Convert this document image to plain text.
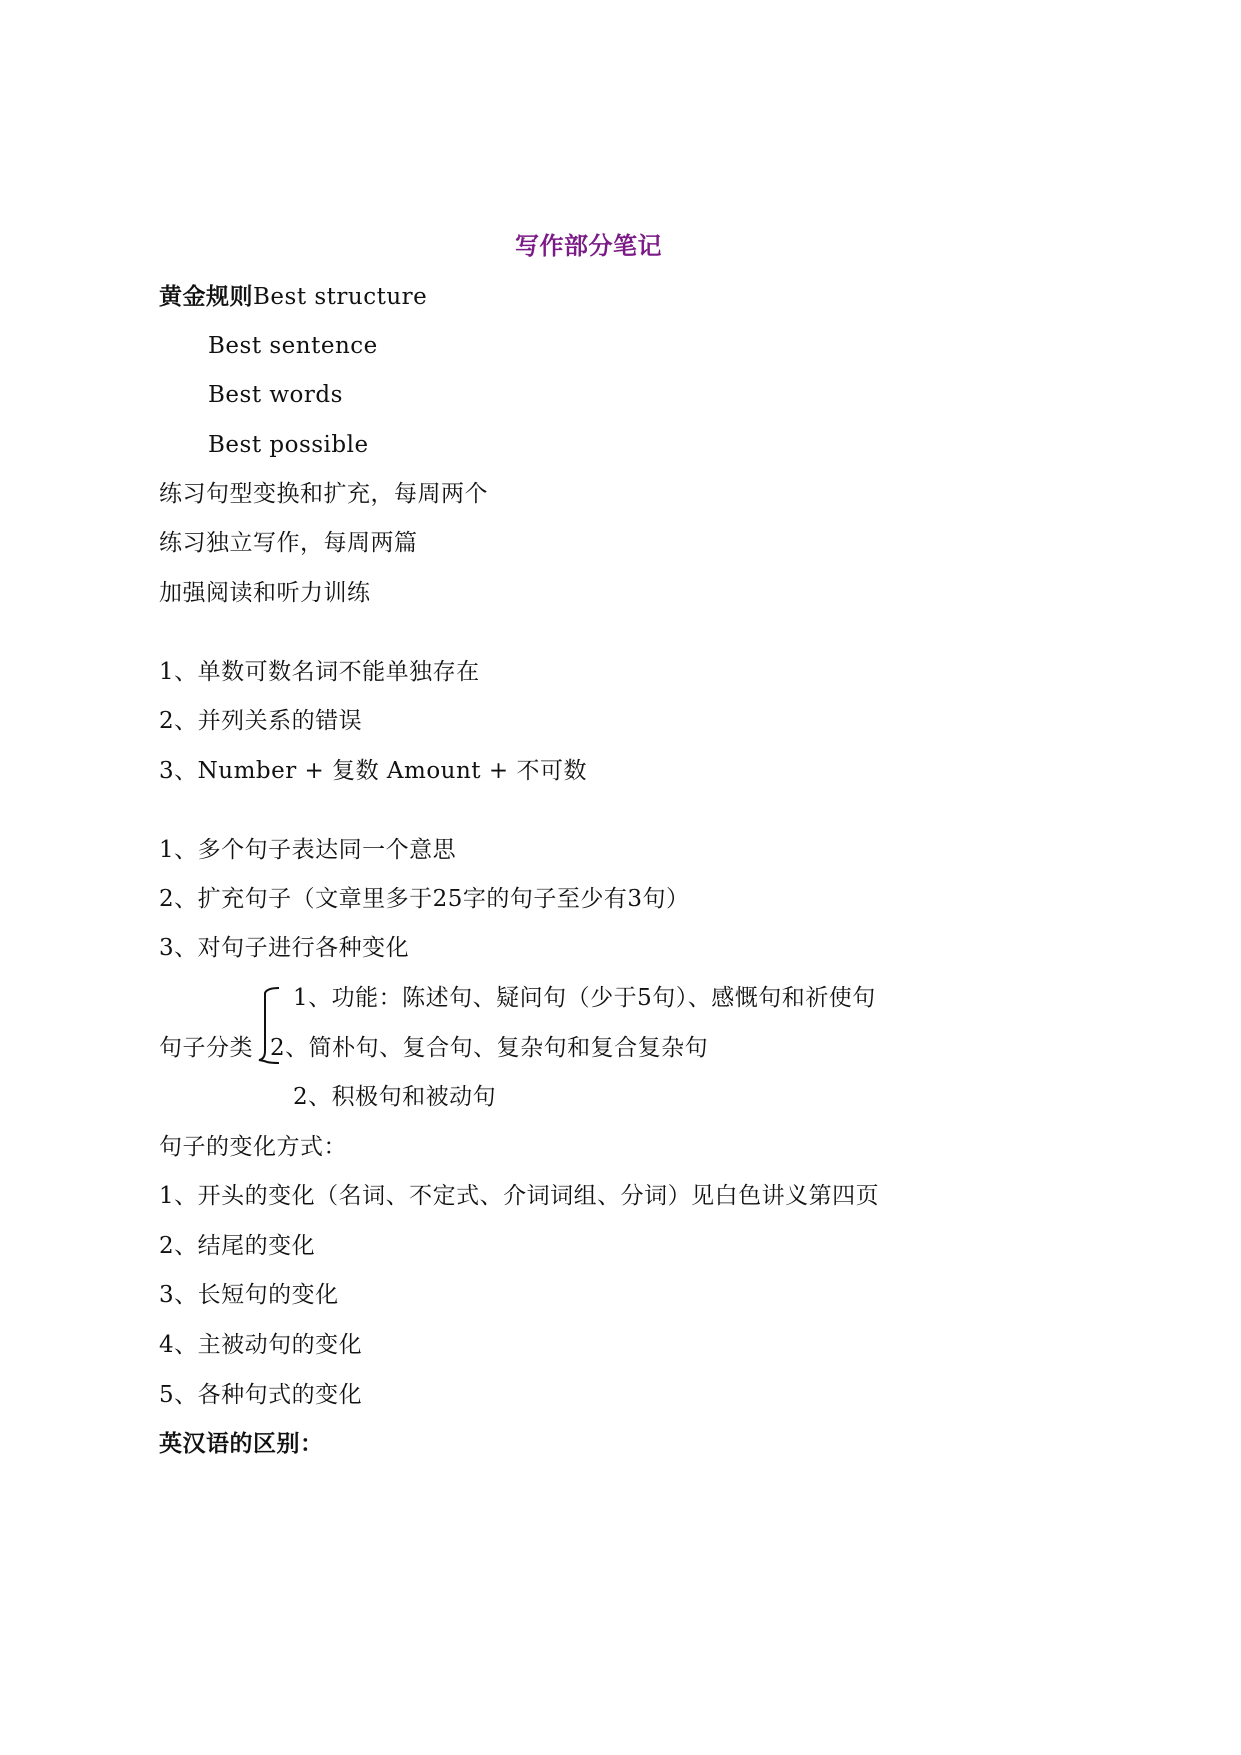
写作部分笔记
黄金规则Best structure
Best sentence
Best words
Best possible
练习句型变换和扩充，每周两个
练习独立写作，每周两篇
加强阅读和听力训练
1、单数可数名词不能单独存在
2、并列关系的错误
3、Number + 复数 Amount + 不可数
1、多个句子表达同一个意思
2、扩充句子（文章里多于25字的句子至少有3句）
3、对句子进行各种变化
1、功能：陈述句、疑问句（少于5句）、感慨句和祈使句
句子分类 2、简朴句、复合句、复杂句和复合复杂句
2、积极句和被动句
句子的变化方式：
1、开头的变化（名词、不定式、介词词组、分词）见白色讲义第四页
2、结尾的变化
3、长短句的变化
4、主被动句的变化
5、各种句式的变化
英汉语的区别：
